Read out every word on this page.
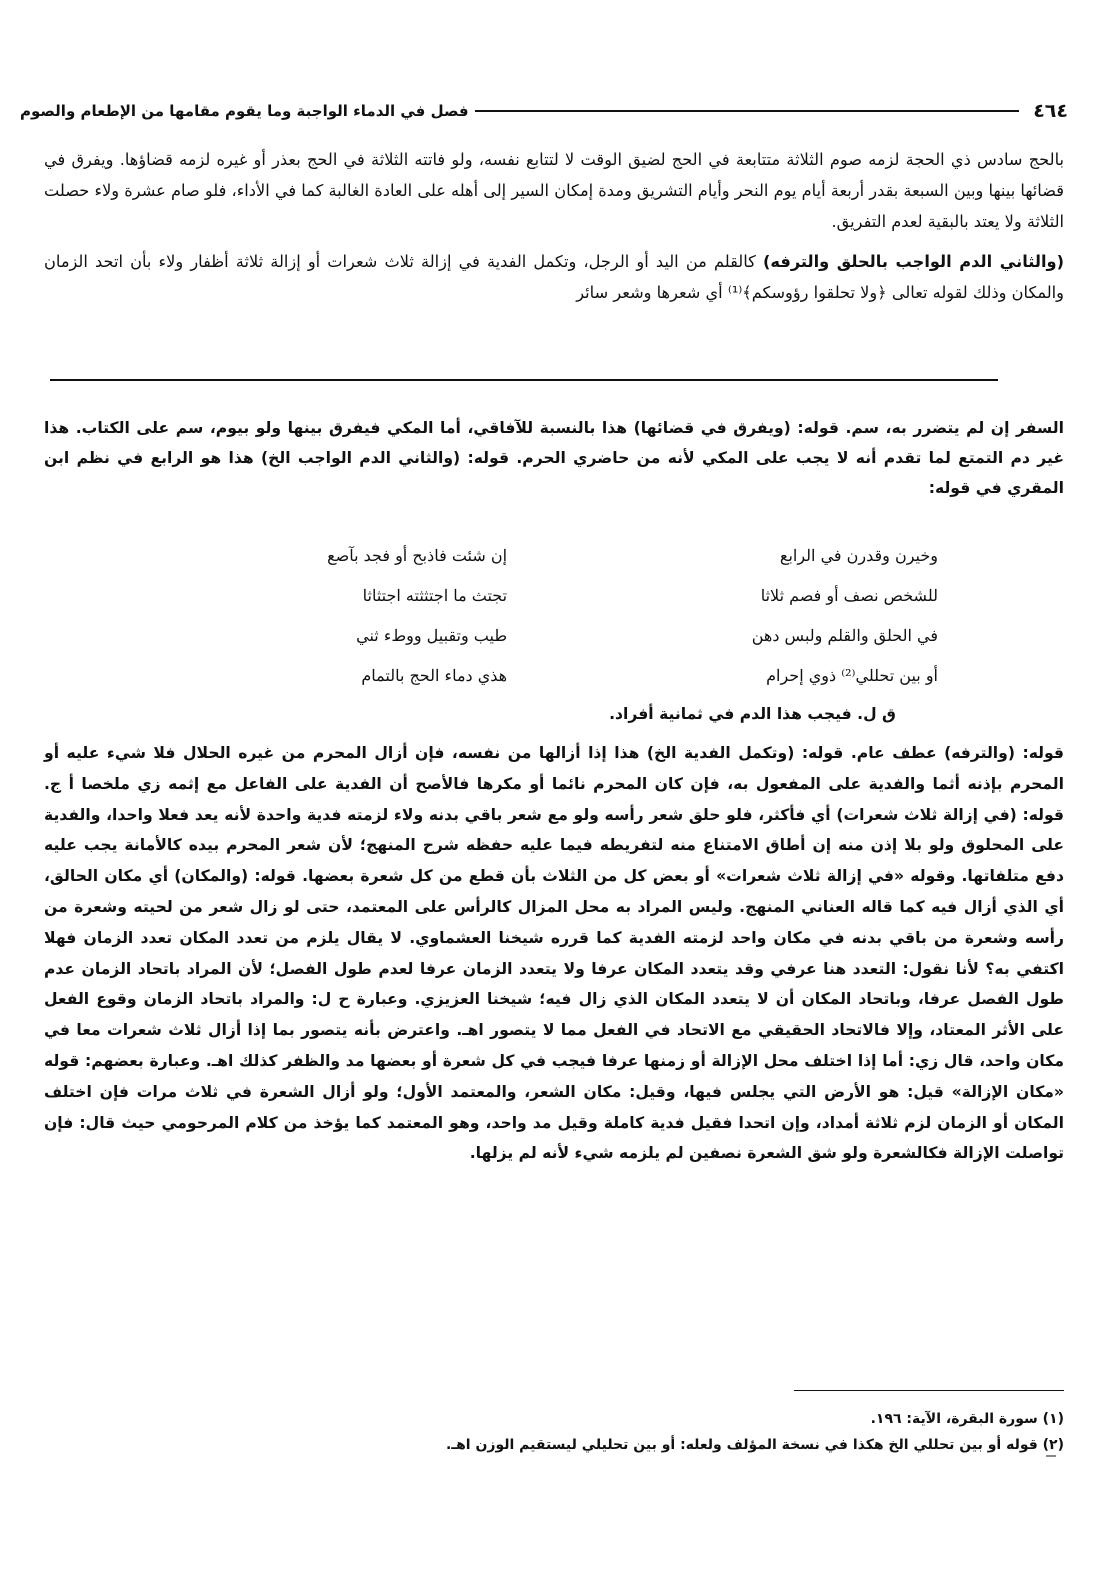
٤٦٤
فصل في الدماء الواجبة وما يقوم مقامها من الإطعام والصوم

بالحج سادس ذي الحجة لزمه صوم الثلاثة متتابعة في الحج لضيق الوقت لا لتتابع نفسه، ولو فاتته الثلاثة في الحج بعذر أو غيره لزمه قضاؤها. ويفرق في قضائها بينها وبين السبعة بقدر أربعة أيام يوم النحر وأيام التشريق ومدة إمكان السير إلى أهله على العادة الغالبة كما في الأداء، فلو صام عشرة ولاء حصلت الثلاثة ولا يعتد بالبقية لعدم التفريق.

(والثاني الدم الواجب بالحلق والترفه) كالقلم من اليد أو الرجل، وتكمل الفدية في إزالة ثلاث شعرات أو إزالة ثلاثة أظفار ولاء بأن اتحد الزمان والمكان وذلك لقوله تعالى ﴿ولا تحلقوا رؤوسكم﴾⁽¹⁾ أي شعرها وشعر سائر

السفر إن لم يتضرر به، سم. قوله: (ويفرق في قضائها) هذا بالنسبة للآفاقي، أما المكي فيفرق بينها ولو بيوم، سم على الكتاب. هذا غير دم التمتع لما تقدم أنه لا يجب على المكي لأنه من حاضري الحرم. قوله: (والثاني الدم الواجب الخ) هذا هو الرابع في نظم ابن المقري في قوله:

وخيرن وقدرن في الرابع
إن شئت فاذبح أو فجد بآصع
للشخص نصف أو فصم ثلاثا
تجتث ما اجتثثته اجتثاثا
في الحلق والقلم ولبس دهن
طيب وتقبيل ووطء ثني
أو بين تحللي⁽²⁾ ذوي إحرام
هذي دماء الحج بالتمام
ق ل. فيجب هذا الدم في ثمانية أفراد.

قوله: (والترفه) عطف عام. قوله: (وتكمل الفدية الخ) هذا إذا أزالها من نفسه، فإن أزال المحرم من غيره الحلال فلا شيء عليه أو المحرم بإذنه أثما والفدية على المفعول به، فإن كان المحرم نائما أو مكرها فالأصح أن الفدية على الفاعل مع إثمه زي ملخصا أ ج. قوله: (في إزالة ثلاث شعرات) أي فأكثر، فلو حلق شعر رأسه ولو مع شعر باقي بدنه ولاء لزمته فدية واحدة لأنه يعد فعلا واحدا، والفدية على المحلوق ولو بلا إذن منه إن أطاق الامتناع منه لتفريطه فيما عليه حفظه شرح المنهج؛ لأن شعر المحرم بيده كالأمانة يجب عليه دفع متلفاتها. وقوله «في إزالة ثلاث شعرات» أو بعض كل من الثلاث بأن قطع من كل شعرة بعضها. قوله: (والمكان) أي مكان الحالق، أي الذي أزال فيه كما قاله العناني المنهج. وليس المراد به محل المزال كالرأس على المعتمد، حتى لو زال شعر من لحيته وشعرة من رأسه وشعرة من باقي بدنه في مكان واحد لزمته الفدية كما قرره شيخنا العشماوي. لا يقال يلزم من تعدد المكان تعدد الزمان فهلا اكتفي به؟ لأنا نقول: التعدد هنا عرفي وقد يتعدد المكان عرفا ولا يتعدد الزمان عرفا لعدم طول الفصل؛ لأن المراد باتحاد الزمان عدم طول الفصل عرفا، وباتحاد المكان أن لا يتعدد المكان الذي زال فيه؛ شيخنا العزيزي. وعبارة ح ل: والمراد باتحاد الزمان وقوع الفعل على الأثر المعتاد، وإلا فالاتحاد الحقيقي مع الاتحاد في الفعل مما لا يتصور اهـ. واعترض بأنه يتصور بما إذا أزال ثلاث شعرات معا في مكان واحد، قال زي: أما إذا اختلف محل الإزالة أو زمنها عرفا فيجب في كل شعرة أو بعضها مد والظفر كذلك اهـ. وعبارة بعضهم: قوله «مكان الإزالة» قيل: هو الأرض التي يجلس فيها، وقيل: مكان الشعر، والمعتمد الأول؛ ولو أزال الشعرة في ثلاث مرات فإن اختلف المكان أو الزمان لزم ثلاثة أمداد، وإن اتحدا فقيل فدية كاملة وقيل مد واحد، وهو المعتمد كما يؤخذ من كلام المرحومي حيث قال: فإن تواصلت الإزالة فكالشعرة ولو شق الشعرة نصفين لم يلزمه شيء لأنه لم يزلها.

(١) سورة البقرة، الآية: ١٩٦.
(٢) قوله أو بين تحللي الخ هكذا في نسخة المؤلف ولعله: أو بين تحليلي ليستقيم الوزن اهـ.
